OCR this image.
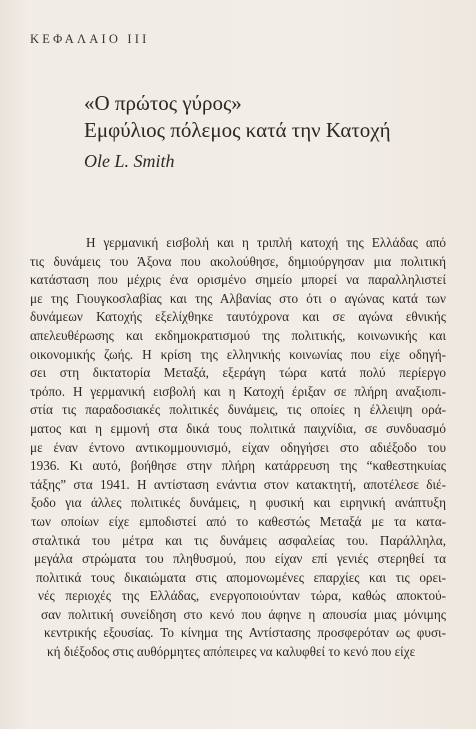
ΚΕΦΑΛΑΙΟ III
«Ο πρώτος γύρος»
Εμφύλιος πόλεμος κατά την Κατοχή
Ole L. Smith
Η γερμανική εισβολή και η τριπλή κατοχή της Ελλάδας από
τις δυνάμεις του Άξονα που ακολούθησε, δημιούργησαν μια πολιτική
κατάσταση που μέχρις ένα ορισμένο σημείο μπορεί να παραλληλιστεί
με της Γιουγκοσλαβίας και της Αλβανίας στο ότι ο αγώνας κατά των
δυνάμεων Κατοχής εξελίχθηκε ταυτόχρονα και σε αγώνα εθνικής
απελευθέρωσης και εκδημοκρατισμού της πολιτικής, κοινωνικής και
οικονομικής ζωής. Η κρίση της ελληνικής κοινωνίας που είχε οδηγή-
σει στη δικτατορία Μεταξά, εξεράγη τώρα κατά πολύ περίεργο
τρόπο. Η γερμανική εισβολή και η Κατοχή έριξαν σε πλήρη αναξιοπι-
στία τις παραδοσιακές πολιτικές δυνάμεις, τις οποίες η έλλειψη ορά-
ματος και η εμμονή στα δικά τους πολιτικά παιχνίδια, σε συνδυασμό
με έναν έντονο αντικομμουνισμό, είχαν οδηγήσει στο αδιέξοδο του
1936. Κι αυτό, βοήθησε στην πλήρη κατάρρευση της “καθεστηκυίας
τάξης” στα 1941. Η αντίσταση ενάντια στον κατακτητή, αποτέλεσε διέ-
ξοδο για άλλες πολιτικές δυνάμεις, η φυσική και ειρηνική ανάπτυξη
των οποίων είχε εμποδιστεί από το καθεστώς Μεταξά με τα κατα-
σταλτικά του μέτρα και τις δυνάμεις ασφαλείας του. Παράλληλα,
μεγάλα στρώματα του πληθυσμού, που είχαν επί γενιές στερηθεί τα
πολιτικά τους δικαιώματα στις απομονωμένες επαρχίες και τις ορει-
νές περιοχές της Ελλάδας, ενεργοποιούνταν τώρα, καθώς αποκτού-
σαν πολιτική συνείδηση στο κενό που άφηνε η απουσία μιας μόνιμης
κεντρικής εξουσίας. Το κίνημα της Αντίστασης προσφερόταν ως φυσι-
κή διέξοδος στις αυθόρμητες απόπειρες να καλυφθεί το κενό που είχε
